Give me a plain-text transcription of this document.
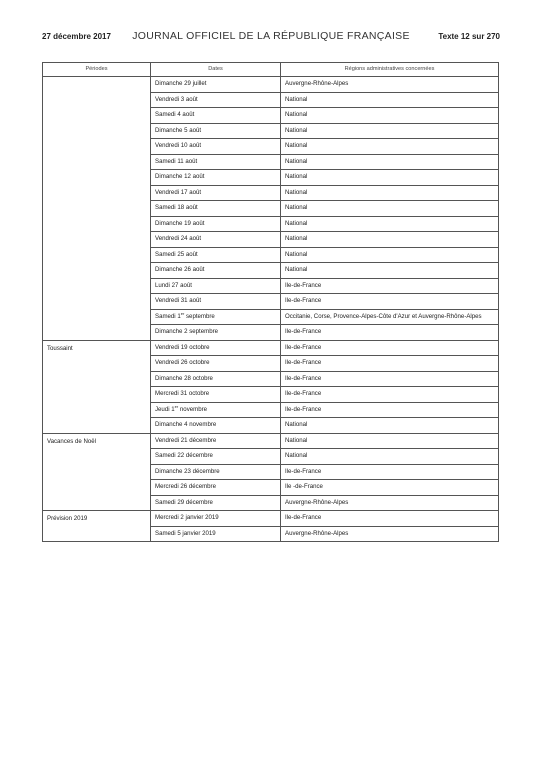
27 décembre 2017	JOURNAL OFFICIEL DE LA RÉPUBLIQUE FRANÇAISE	Texte 12 sur 270
Périodes	Dates	Régions administratives concernées
	Dimanche 29 juillet	Auvergne-Rhône-Alpes
	Vendredi 3 août	National
	Samedi 4 août	National
	Dimanche 5 août	National
	Vendredi 10 août	National
	Samedi 11 août	National
	Dimanche 12 août	National
	Vendredi 17 août	National
	Samedi 18 août	National
	Dimanche 19 août	National
	Vendredi 24 août	National
	Samedi 25 août	National
	Dimanche 26 août	National
	Lundi 27 août	Ile-de-France
	Vendredi 31 août	Ile-de-France
	Samedi 1er septembre	Occitanie, Corse, Provence-Alpes-Côte d'Azur et Auvergne-Rhône-Alpes
	Dimanche 2 septembre	Ile-de-France
Toussaint	Vendredi 19 octobre	Ile-de-France
	Vendredi 26 octobre	Ile-de-France
	Dimanche 28 octobre	Ile-de-France
	Mercredi 31 octobre	Ile-de-France
	Jeudi 1er novembre	Ile-de-France
	Dimanche 4 novembre	National
Vacances de Noël	Vendredi 21 décembre	National
	Samedi 22 décembre	National
	Dimanche 23 décembre	Ile-de-France
	Mercredi 26 décembre	Ile -de-France
	Samedi 29 décembre	Auvergne-Rhône-Alpes
Prévision 2019	Mercredi 2 janvier 2019	Ile-de-France
	Samedi 5 janvier 2019	Auvergne-Rhône-Alpes
